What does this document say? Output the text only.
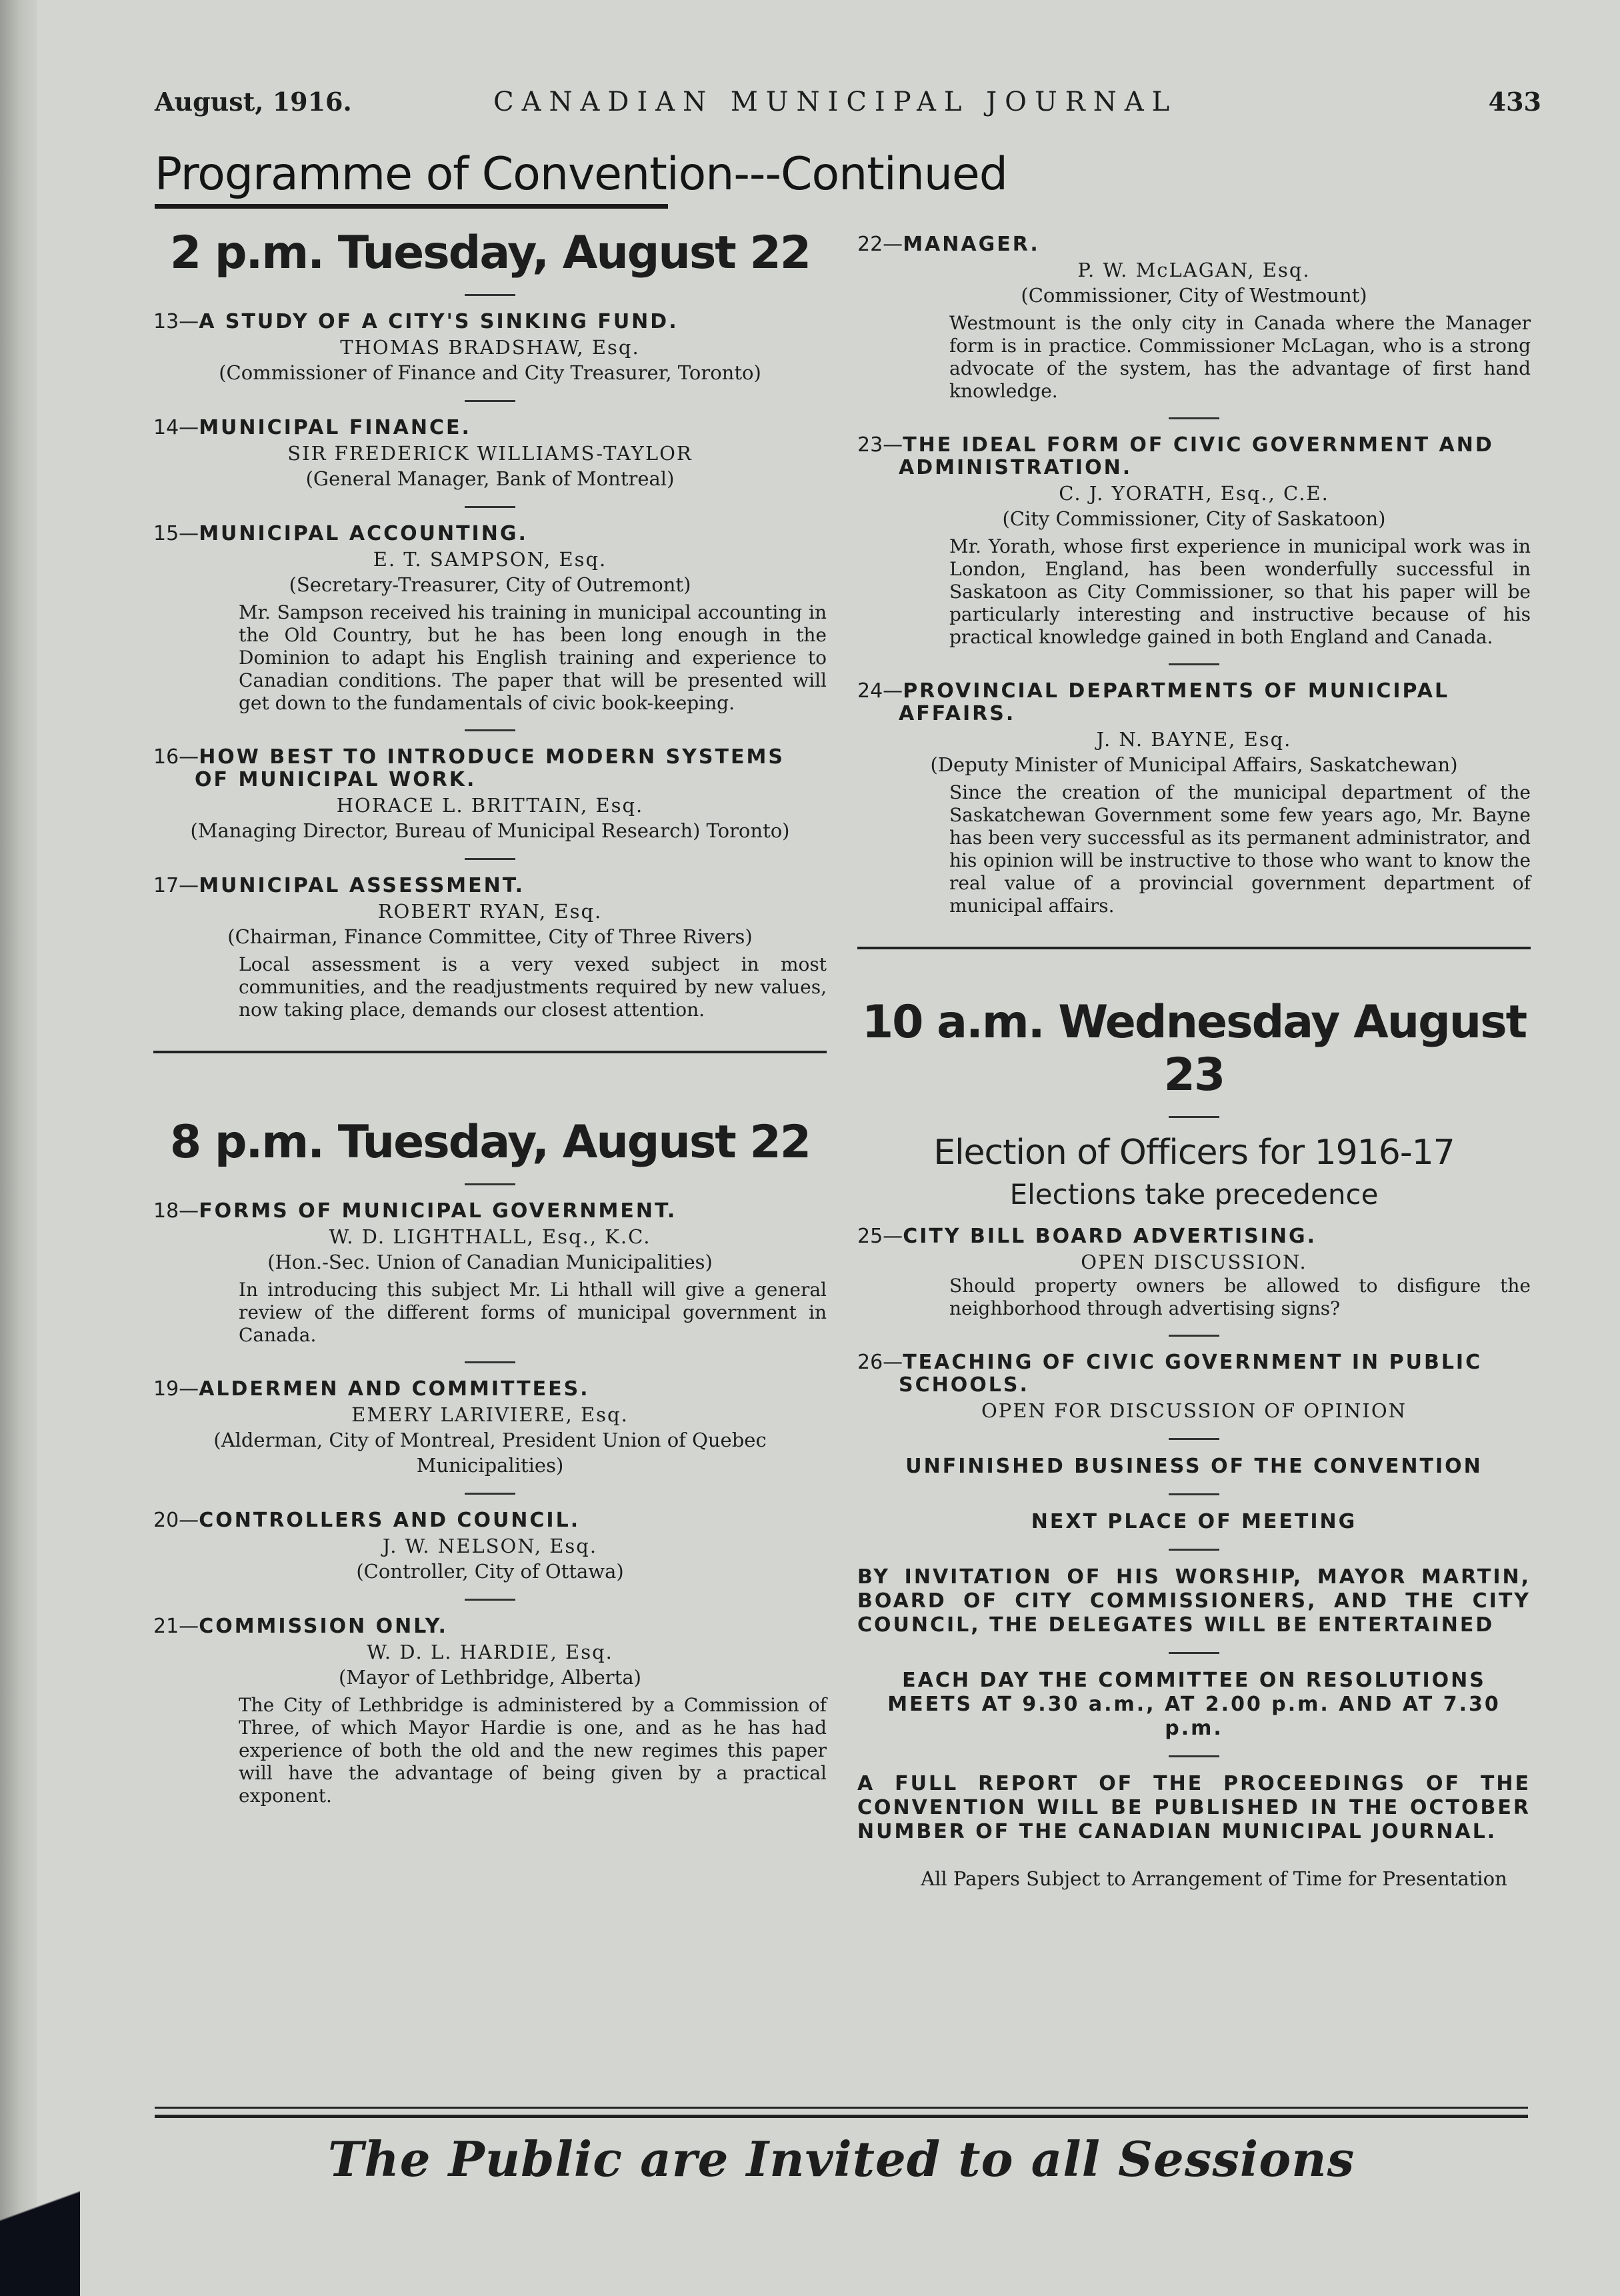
August, 1916.	CANADIAN MUNICIPAL JOURNAL	433
Programme of Convention---Continued
2 p.m. Tuesday, August 22

13—A STUDY OF A CITY'S SINKING FUND.

THOMAS BRADSHAW, Esq.

(Commissioner of Finance and City Treasurer, Toronto)

14—MUNICIPAL FINANCE.

SIR FREDERICK WILLIAMS-TAYLOR

(General Manager, Bank of Montreal)

15—MUNICIPAL ACCOUNTING.

E. T. SAMPSON, Esq.

(Secretary-Treasurer, City of Outremont)

Mr. Sampson received his training in municipal accounting in the Old Country, but he has been long enough in the Dominion to adapt his English training and experience to Canadian conditions. The paper that will be presented will get down to the fundamentals of civic book-keeping.

16—HOW BEST TO INTRODUCE MODERN SYSTEMS OF MUNICIPAL WORK.

HORACE L. BRITTAIN, Esq.

(Managing Director, Bureau of Municipal Research) Toronto)

17—MUNICIPAL ASSESSMENT.

ROBERT RYAN, Esq.

(Chairman, Finance Committee, City of Three Rivers)

Local assessment is a very vexed subject in most communities, and the readjustments required by new values, now taking place, demands our closest attention.

8 p.m. Tuesday, August 22

18—FORMS OF MUNICIPAL GOVERNMENT.

W. D. LIGHTHALL, Esq., K.C.

(Hon.-Sec. Union of Canadian Municipalities)

In introducing this subject Mr. Li hthall will give a general review of the different forms of municipal government in Canada.

19—ALDERMEN AND COMMITTEES.

EMERY LARIVIERE, Esq.

(Alderman, City of Montreal, President Union of Quebec Municipalities)

20—CONTROLLERS AND COUNCIL.

J. W. NELSON, Esq.

(Controller, City of Ottawa)

21—COMMISSION ONLY.

W. D. L. HARDIE, Esq.

(Mayor of Lethbridge, Alberta)

The City of Lethbridge is administered by a Commission of Three, of which Mayor Hardie is one, and as he has had experience of both the old and the new regimes this paper will have the advantage of being given by a practical exponent.

22—MANAGER.

P. W. McLAGAN, Esq.

(Commissioner, City of Westmount)

Westmount is the only city in Canada where the Manager form is in practice. Commissioner McLagan, who is a strong advocate of the system, has the advantage of first hand knowledge.

23—THE IDEAL FORM OF CIVIC GOVERNMENT AND ADMINISTRATION.

C. J. YORATH, Esq., C.E.

(City Commissioner, City of Saskatoon)

Mr. Yorath, whose first experience in municipal work was in London, England, has been wonderfully successful in Saskatoon as City Commissioner, so that his paper will be particularly interesting and instructive because of his practical knowledge gained in both England and Canada.

24—PROVINCIAL DEPARTMENTS OF MUNICIPAL AFFAIRS.

J. N. BAYNE, Esq.

(Deputy Minister of Municipal Affairs, Saskatchewan)

Since the creation of the municipal department of the Saskatchewan Government some few years ago, Mr. Bayne has been very successful as its permanent administrator, and his opinion will be instructive to those who want to know the real value of a provincial government department of municipal affairs.

10 a.m. Wednesday August 23

Election of Officers for 1916-17

Elections take precedence

25—CITY BILL BOARD ADVERTISING.

OPEN DISCUSSION.

Should property owners be allowed to disfigure the neighborhood through advertising signs?

26—TEACHING OF CIVIC GOVERNMENT IN PUBLIC SCHOOLS.

OPEN FOR DISCUSSION OF OPINION

UNFINISHED BUSINESS OF THE CONVENTION

NEXT PLACE OF MEETING

BY INVITATION OF HIS WORSHIP, MAYOR MARTIN, BOARD OF CITY COMMISSIONERS, AND THE CITY COUNCIL, THE DELEGATES WILL BE ENTERTAINED

EACH DAY THE COMMITTEE ON RESOLUTIONS MEETS AT 9.30 a.m., AT 2.00 p.m. AND AT 7.30 p.m.

A FULL REPORT OF THE PROCEEDINGS OF THE CONVENTION WILL BE PUBLISHED IN THE OCTOBER NUMBER OF THE CANADIAN MUNICIPAL JOURNAL.

All Papers Subject to Arrangement of Time for Presentation

The Public are Invited to all Sessions
